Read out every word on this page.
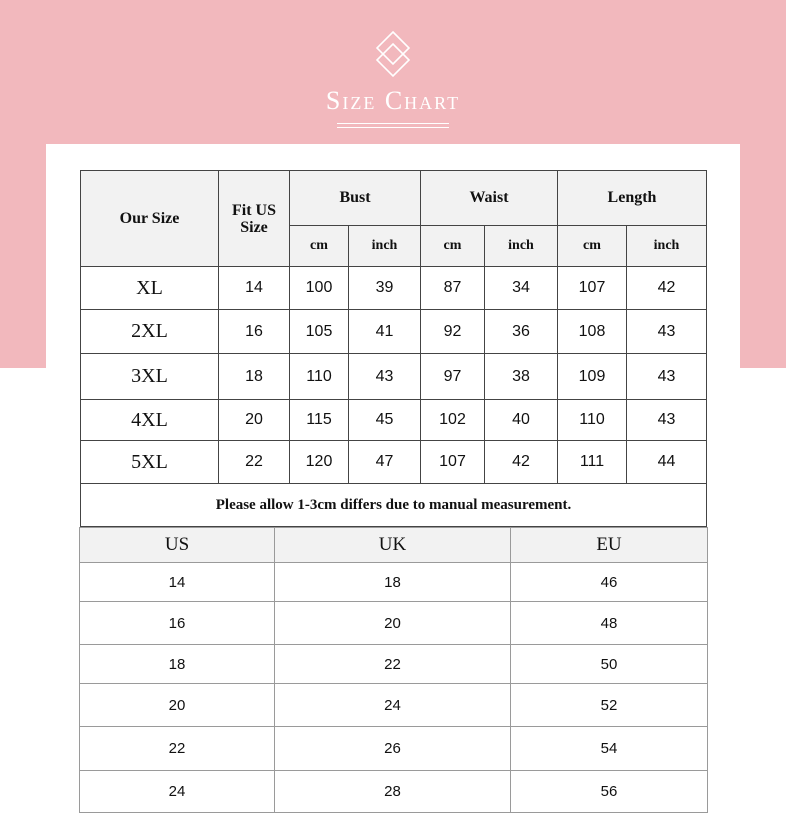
Size Chart
Our Size	Fit US Size	Bust		Waist		Length	
		cm	inch	cm	inch	cm	inch
XL	14	100	39	87	34	107	42
2XL	16	105	41	92	36	108	43
3XL	18	110	43	97	38	109	43
4XL	20	115	45	102	40	110	43
5XL	22	120	47	107	42	111	44
Please allow 1-3cm differs due to manual measurement.							
US	UK	EU
14	18	46
16	20	48
18	22	50
20	24	52
22	26	54
24	28	56
